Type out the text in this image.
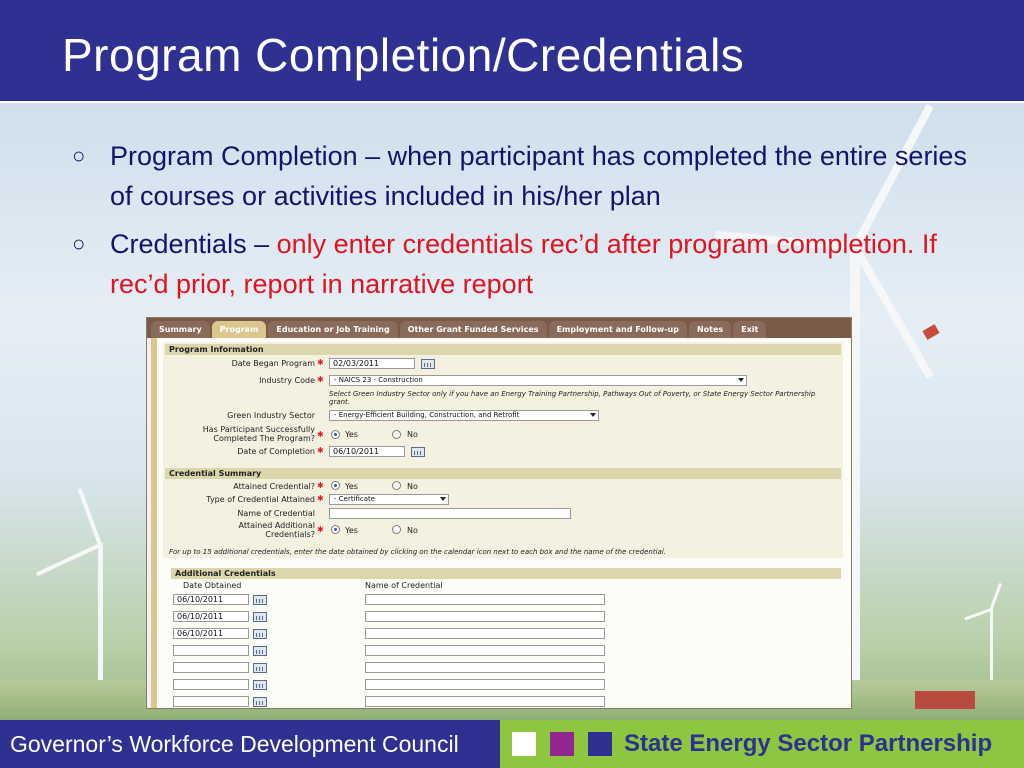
Program Completion/Credentials
○ Program Completion – when participant has completed the entire series of courses or activities included in his/her plan
○ Credentials – only enter credentials rec’d after program completion. If rec’d prior, report in narrative report
Summary	Program	Education or Job Training	Other Grant Funded Services	Employment and Follow-up	Notes	Exit
Program Information
Date Began Program ✱	02/03/2011
Industry Code ✱	- NAICS 23 - Construction
Select Green Industry Sector only if you have an Energy Training Partnership, Pathways Out of Poverty, or State Energy Sector Partnership grant.
Green Industry Sector	- Energy-Efficient Building, Construction, and Retrofit
Has Participant Successfully
Completed The Program? ✱	Yes	No
Date of Completion ✱	06/10/2011
Credential Summary
Attained Credential? ✱	Yes	No
Type of Credential Attained ✱	- Certificate
Name of Credential
Attained Additional
Credentials?
✱	Yes	No
For up to 15 additional credentials, enter the date obtained by clicking on the calendar icon next to each box and the name of the credential.
Additional Credentials
Date Obtained	Name of Credential
06/10/2011
06/10/2011
06/10/2011
Governor’s Workforce Development Council	State Energy Sector Partnership
